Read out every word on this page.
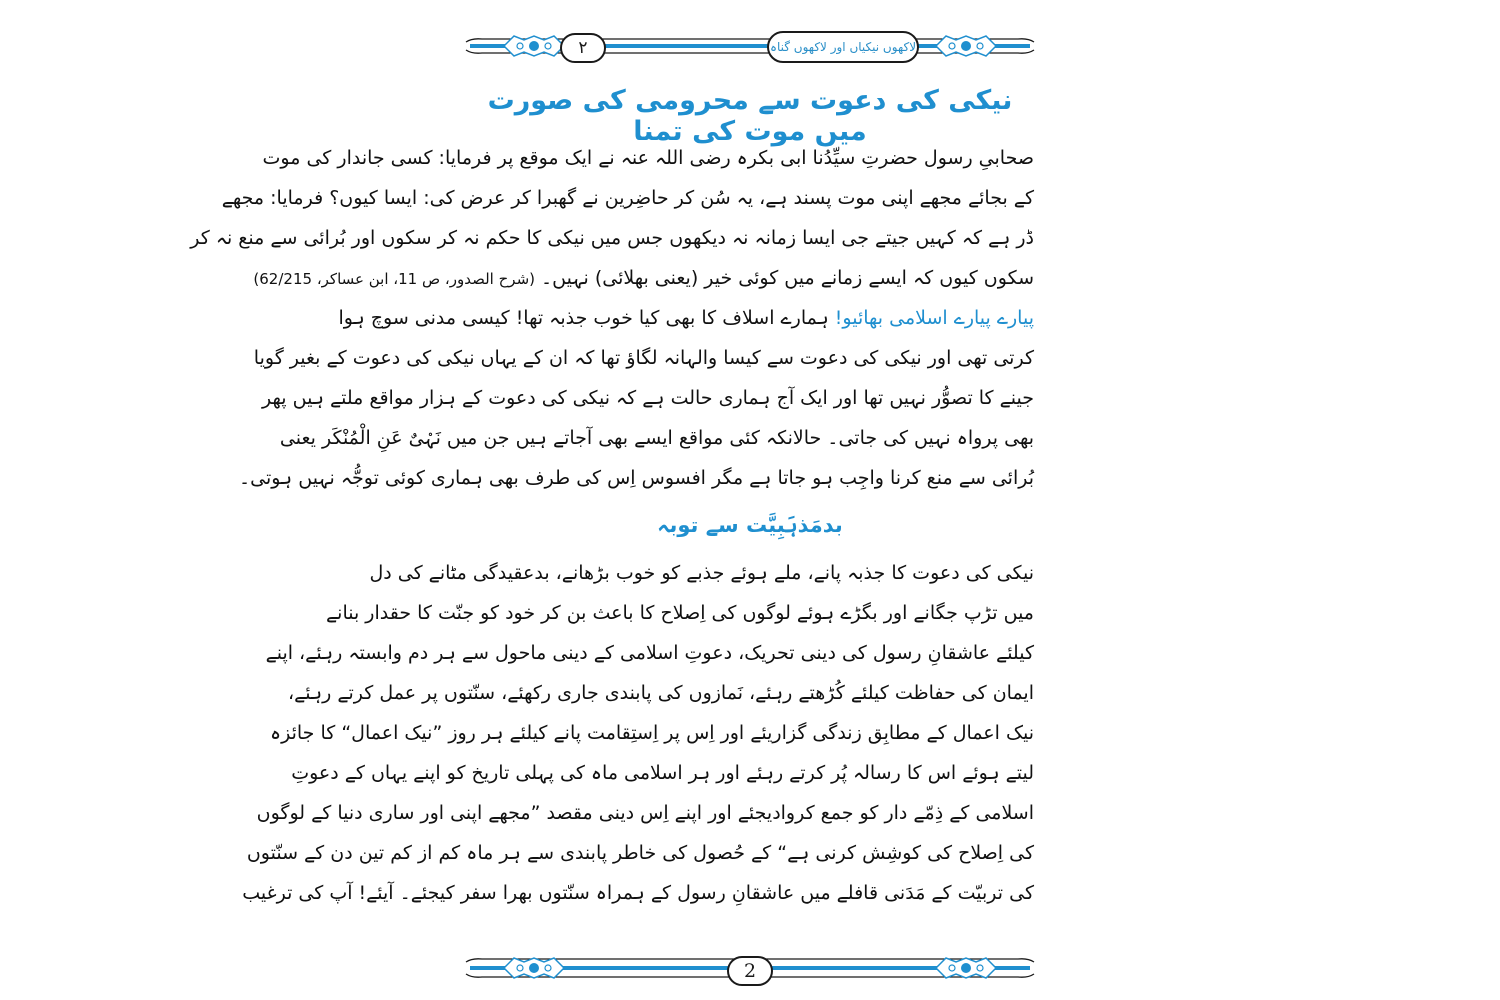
٢	لاکھوں نیکیاں اور لاکھوں گناہ
نیکی کی دعوت سے محرومی کی صورت میں موت کی تمنا
صحابیِ رسول حضرتِ سیِّدُنا ابی بکرہ رضی اللہ عنہ نے ایک موقع پر فرمایا: کسی جاندار کی موت
کے بجائے مجھے اپنی موت پسند ہے، یہ سُن کر حاضِرین نے گھبرا کر عرض کی: ایسا کیوں؟ فرمایا: مجھے
ڈر ہے کہ کہیں جیتے جی ایسا زمانہ نہ دیکھوں جس میں نیکی کا حکم نہ کر سکوں اور بُرائی سے منع نہ کر
سکوں کیوں کہ ایسے زمانے میں کوئی خیر (یعنی بھلائی) نہیں۔ (شرح الصدور، ص 11، ابن عساکر، 62/215)
پیارے پیارے اسلامی بھائیو! ہمارے اسلاف کا بھی کیا خوب جذبہ تھا! کیسی مدنی سوچ ہوا
کرتی تھی اور نیکی کی دعوت سے کیسا والہانہ لگاؤ تھا کہ ان کے یہاں نیکی کی دعوت کے بغیر گویا
جینے کا تصوُّر نہیں تھا اور ایک آج ہماری حالت ہے کہ نیکی کی دعوت کے ہزار مواقع ملتے ہیں پھر
بھی پرواہ نہیں کی جاتی۔ حالانکہ کئی مواقع ایسے بھی آجاتے ہیں جن میں نَہْیٌ عَنِ الْمُنْکَر یعنی
بُرائی سے منع کرنا واجِب ہو جاتا ہے مگر افسوس اِس کی طرف بھی ہماری کوئی توجُّہ نہیں ہوتی۔
بدمَذہَبِیَّت سے توبہ
نیکی کی دعوت کا جذبہ پانے، ملے ہوئے جذبے کو خوب بڑھانے، بدعقیدگی مٹانے کی دل
میں تڑپ جگانے اور بگڑے ہوئے لوگوں کی اِصلاح کا باعث بن کر خود کو جنّت کا حقدار بنانے
کیلئے عاشقانِ رسول کی دینی تحریک، دعوتِ اسلامی کے دینی ماحول سے ہر دم وابستہ رہئے، اپنے
ایمان کی حفاظت کیلئے کُڑھتے رہئے، نَمازوں کی پابندی جاری رکھئے، سنّتوں پر عمل کرتے رہئے،
نیک اعمال کے مطابِق زندگی گزاریئے اور اِس پر اِستِقامت پانے کیلئے ہر روز ”نیک اعمال“ کا جائزہ
لیتے ہوئے اس کا رسالہ پُر کرتے رہئے اور ہر اسلامی ماہ کی پہلی تاریخ کو اپنے یہاں کے دعوتِ
اسلامی کے ذِمّے دار کو جمع کروادیجئے اور اپنے اِس دینی مقصد ”مجھے اپنی اور ساری دنیا کے لوگوں
کی اِصلاح کی کوشِش کرنی ہے“ کے حُصول کی خاطر پابندی سے ہر ماہ کم از کم تین دن کے سنّتوں
کی تربیّت کے مَدَنی قافلے میں عاشقانِ رسول کے ہمراہ سنّتوں بھرا سفر کیجئے۔ آیئے! آپ کی ترغیب
2
